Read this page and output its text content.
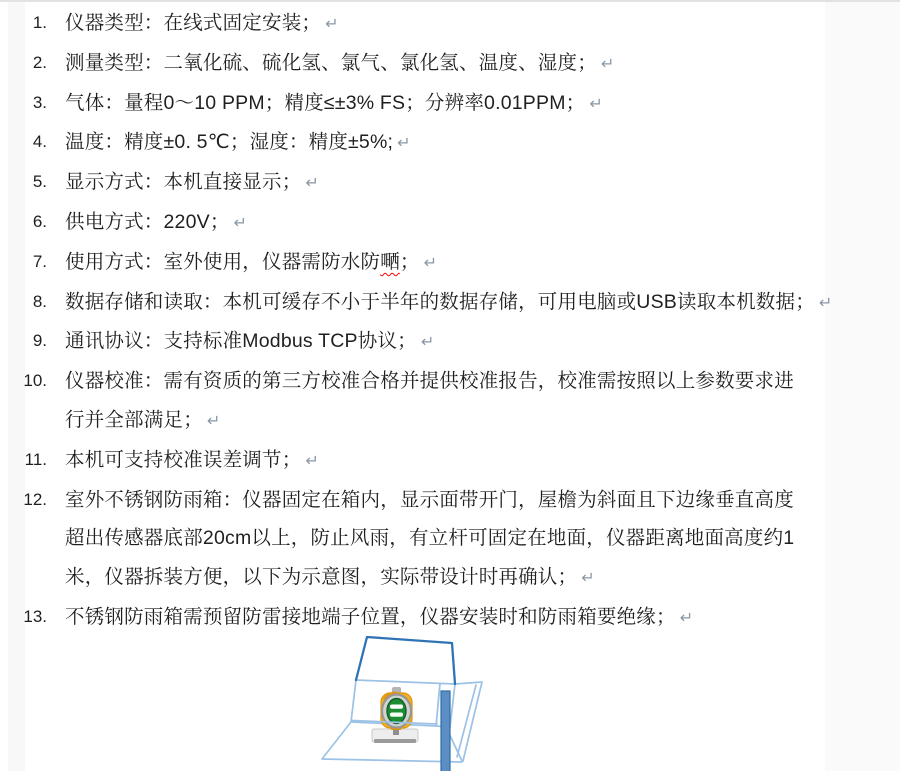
1. 仪器类型：在线式固定安装； ↵
2. 测量类型：二氧化硫、硫化氢、氯气、氯化氢、温度、湿度； ↵
3. 气体：量程0～10 PPM；精度≤±3% FS；分辨率0.01PPM； ↵
4. 温度：精度±0. 5℃；湿度：精度±5%; ↵
5. 显示方式：本机直接显示； ↵
6. 供电方式：220V； ↵
7. 使用方式：室外使用，仪器需防水防嗮； ↵
8. 数据存储和读取：本机可缓存不小于半年的数据存储，可用电脑或USB读取本机数据； ↵
9. 通讯协议：支持标准Modbus TCP协议； ↵
10. 仪器校准：需有资质的第三方校准合格并提供校准报告，校准需按照以上参数要求进
行并全部满足； ↵
11. 本机可支持校准误差调节； ↵
12. 室外不锈钢防雨箱：仪器固定在箱内，显示面带开门，屋檐为斜面且下边缘垂直高度
超出传感器底部20cm以上，防止风雨，有立杆可固定在地面，仪器距离地面高度约1
米，仪器拆装方便，以下为示意图，实际带设计时再确认； ↵
13. 不锈钢防雨箱需预留防雷接地端子位置，仪器安装时和防雨箱要绝缘； ↵
